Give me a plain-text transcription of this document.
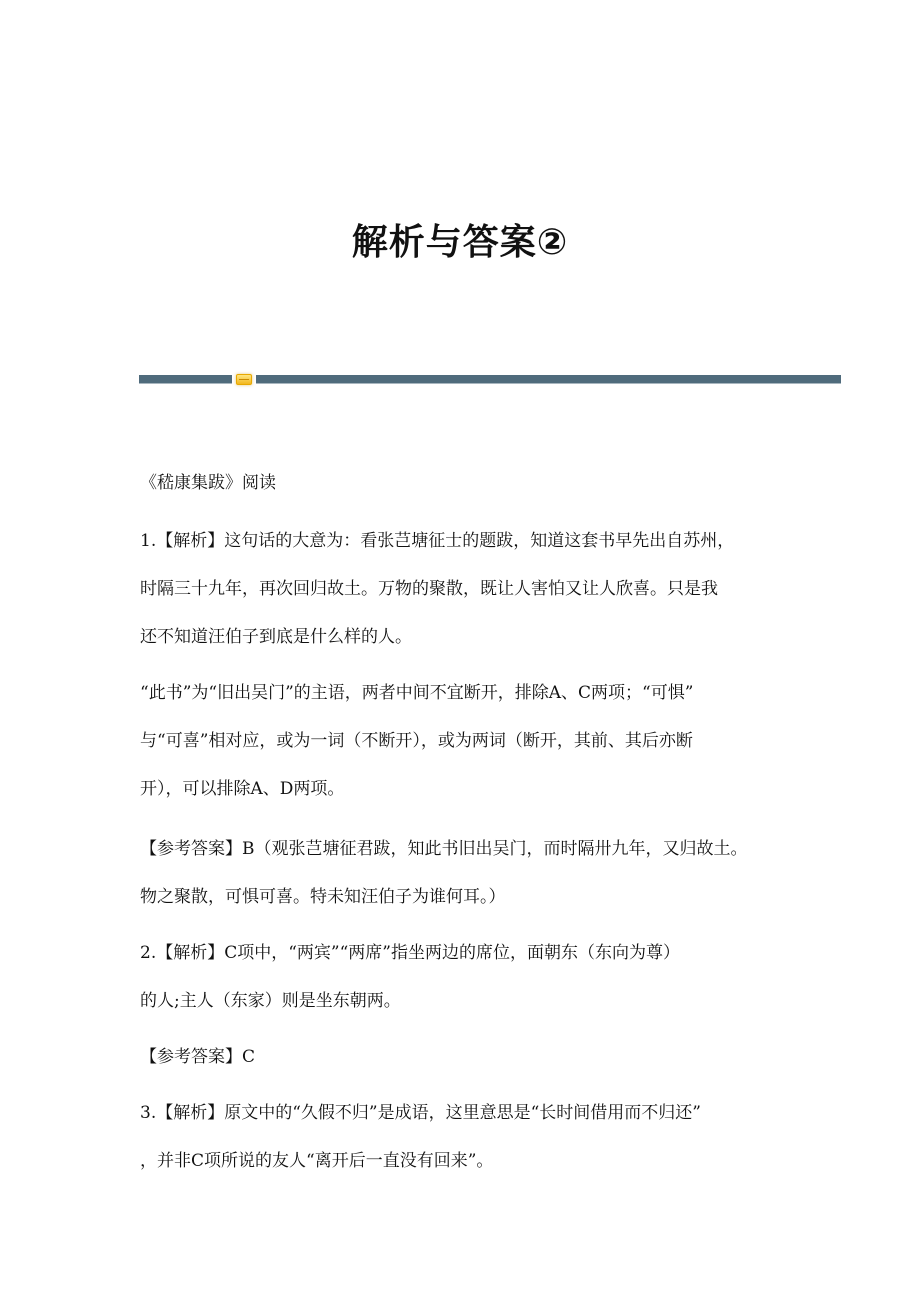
解析与答案②
《嵇康集跋》阅读
1.【解析】这句话的大意为：看张芑塘征士的题跋，知道这套书早先出自苏州，
时隔三十九年，再次回归故土。万物的聚散，既让人害怕又让人欣喜。只是我
还不知道汪伯子到底是什么样的人。
“此书”为“旧出吴门”的主语，两者中间不宜断开，排除A、C两项；“可惧”
与“可喜”相对应，或为一词（不断开），或为两词（断开，其前、其后亦断
开），可以排除A、D两项。
【参考答案】B（观张芑塘征君跋，知此书旧出吴门，而时隔卅九年，又归故土。
物之聚散，可惧可喜。特未知汪伯子为谁何耳。）
2.【解析】C项中，“两宾”“两席”指坐两边的席位，面朝东（东向为尊）
的人;主人（东家）则是坐东朝两。
【参考答案】C
3.【解析】原文中的“久假不归”是成语，这里意思是“长时间借用而不归还”
，并非C项所说的友人“离开后一直没有回来”。
